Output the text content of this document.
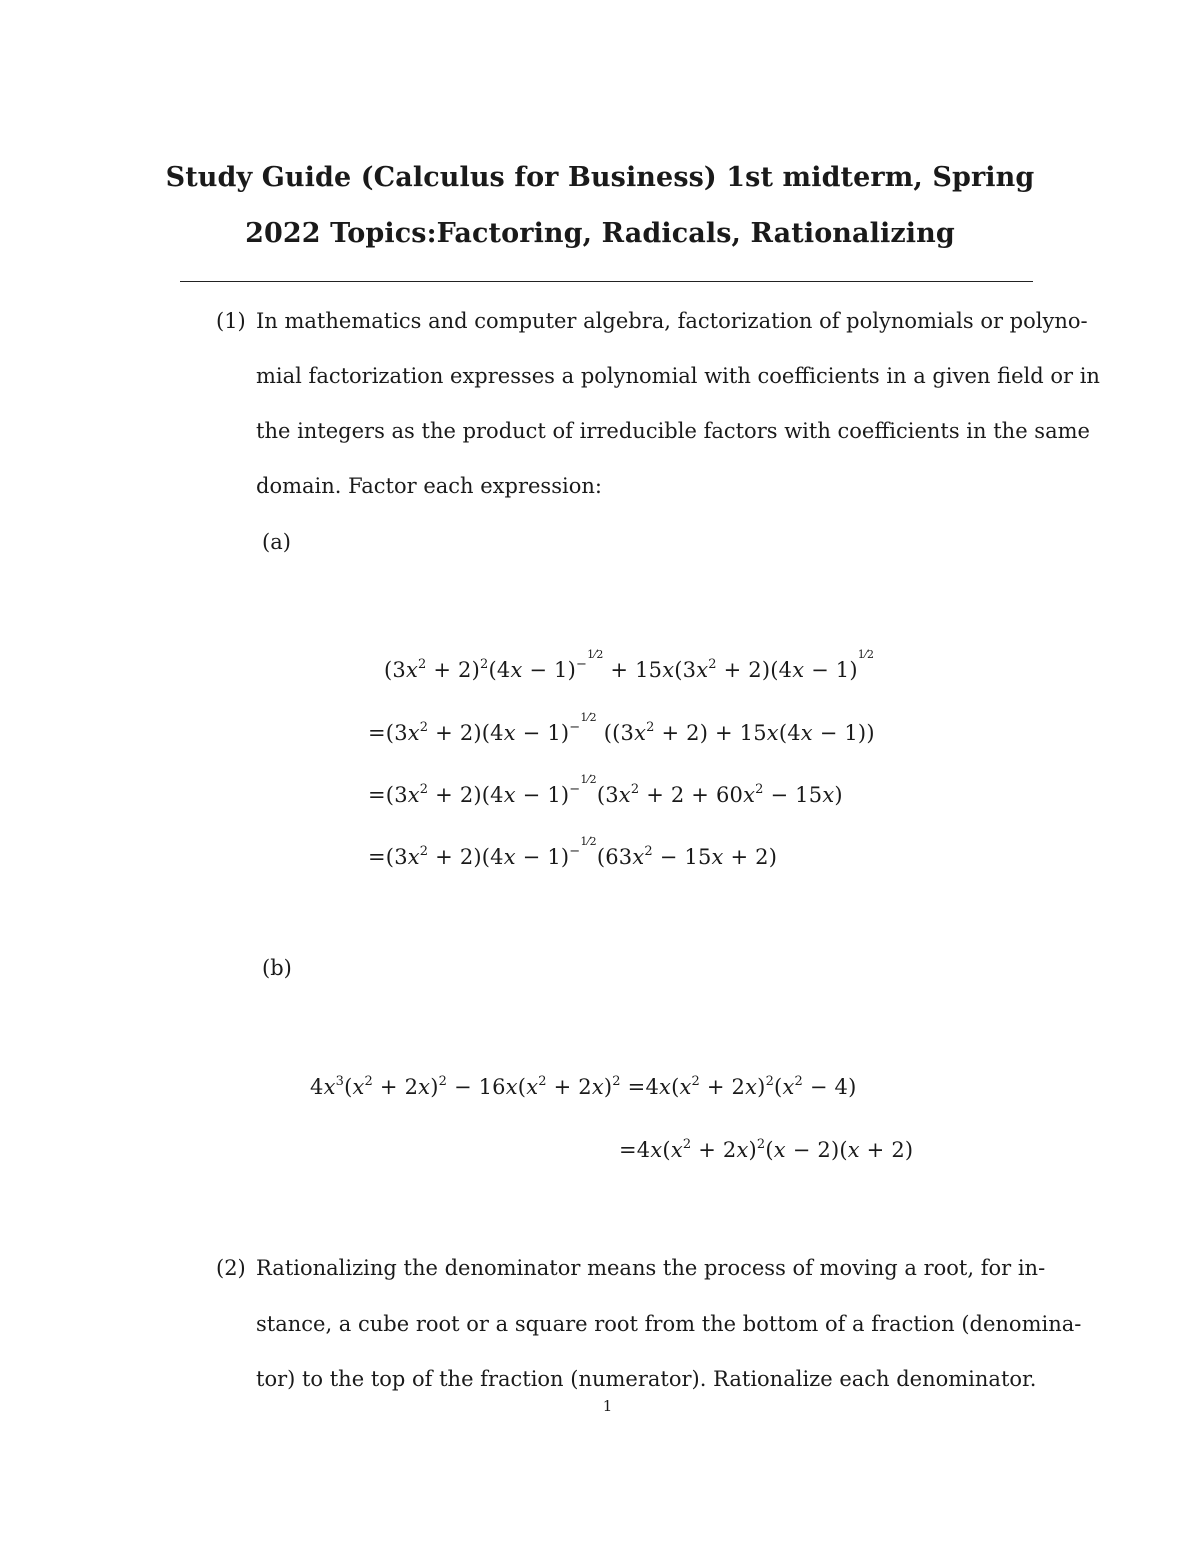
Study Guide (Calculus for Business) 1st midterm, Spring
2022 Topics:Factoring, Radicals, Rationalizing
(1) In mathematics and computer algebra, factorization of polynomials or polyno-
mial factorization expresses a polynomial with coefficients in a given field or in
the integers as the product of irreducible factors with coefficients in the same
domain. Factor each expression:
(a)
$(3x^2 + 2)^2(4x - 1)^{-1⁄2} + 15x(3x^2 + 2)(4x - 1)^{1⁄2}$
$=(3x^2 + 2)(4x - 1)^{-1⁄2}$ $((3x^2 + 2) + 15x(4x - 1))$
$=(3x^2 + 2)(4x - 1)^{-1⁄2}(3x^2 + 2 + 60x^2 - 15x)$
$=(3x^2 + 2)(4x - 1)^{-1⁄2}(63x^2 - 15x + 2)$
(b)
$4x^3(x^2 + 2x)^2 - 16x(x^2 + 2x)^2 =4x(x^2 + 2x)^2(x^2 - 4)$
$=4x(x^2 + 2x)^2(x - 2)(x + 2)$
(2) Rationalizing the denominator means the process of moving a root, for in-
stance, a cube root or a square root from the bottom of a fraction (denomina-
tor) to the top of the fraction (numerator). Rationalize each denominator.
1
